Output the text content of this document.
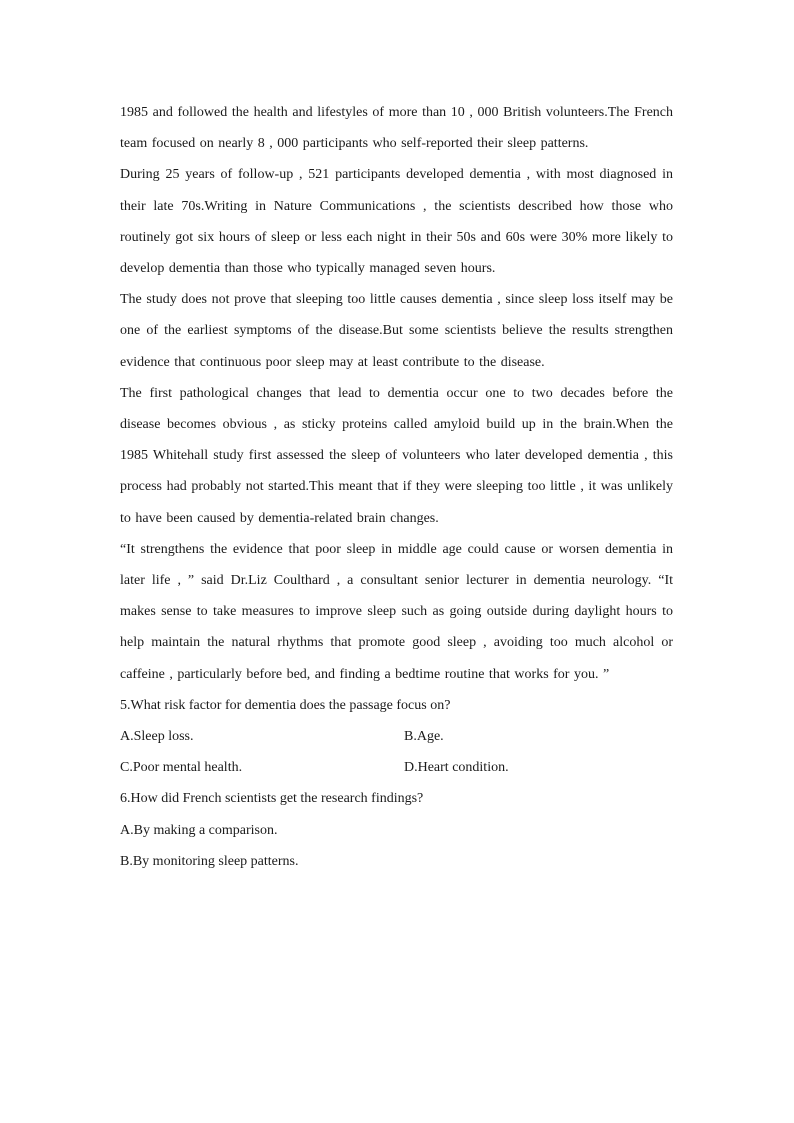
1985 and followed the health and lifestyles of more than 10 , 000 British volunteers.The French team focused on nearly 8 , 000 participants who self-reported their sleep patterns.

During 25 years of follow-up , 521 participants developed dementia , with most diagnosed in their late 70s.Writing in Nature Communications , the scientists described how those who routinely got six hours of sleep or less each night in their 50s and 60s were 30% more likely to develop dementia than those who typically managed seven hours.

The study does not prove that sleeping too little causes dementia , since sleep loss itself may be one of the earliest symptoms of the disease.But some scientists believe the results strengthen evidence that continuous poor sleep may at least contribute to the disease.

The first pathological changes that lead to dementia occur one to two decades before the disease becomes obvious , as sticky proteins called amyloid build up in the brain.When the 1985 Whitehall study first assessed the sleep of volunteers who later developed dementia , this process had probably not started.This meant that if they were sleeping too little , it was unlikely to have been caused by dementia-related brain changes.

“It strengthens the evidence that poor sleep in middle age could cause or worsen dementia in later life , ” said Dr.Liz Coulthard , a consultant senior lecturer in dementia neurology. “It makes sense to take measures to improve sleep such as going outside during daylight hours to help maintain the natural rhythms that promote good sleep , avoiding too much alcohol or caffeine , particularly before bed, and finding a bedtime routine that works for you. ”

5.What risk factor for dementia does the passage focus on?

A.Sleep loss.	B.Age.
C.Poor mental health.	D.Heart condition.

6.How did French scientists get the research findings?

A.By making a comparison.

B.By monitoring sleep patterns.
